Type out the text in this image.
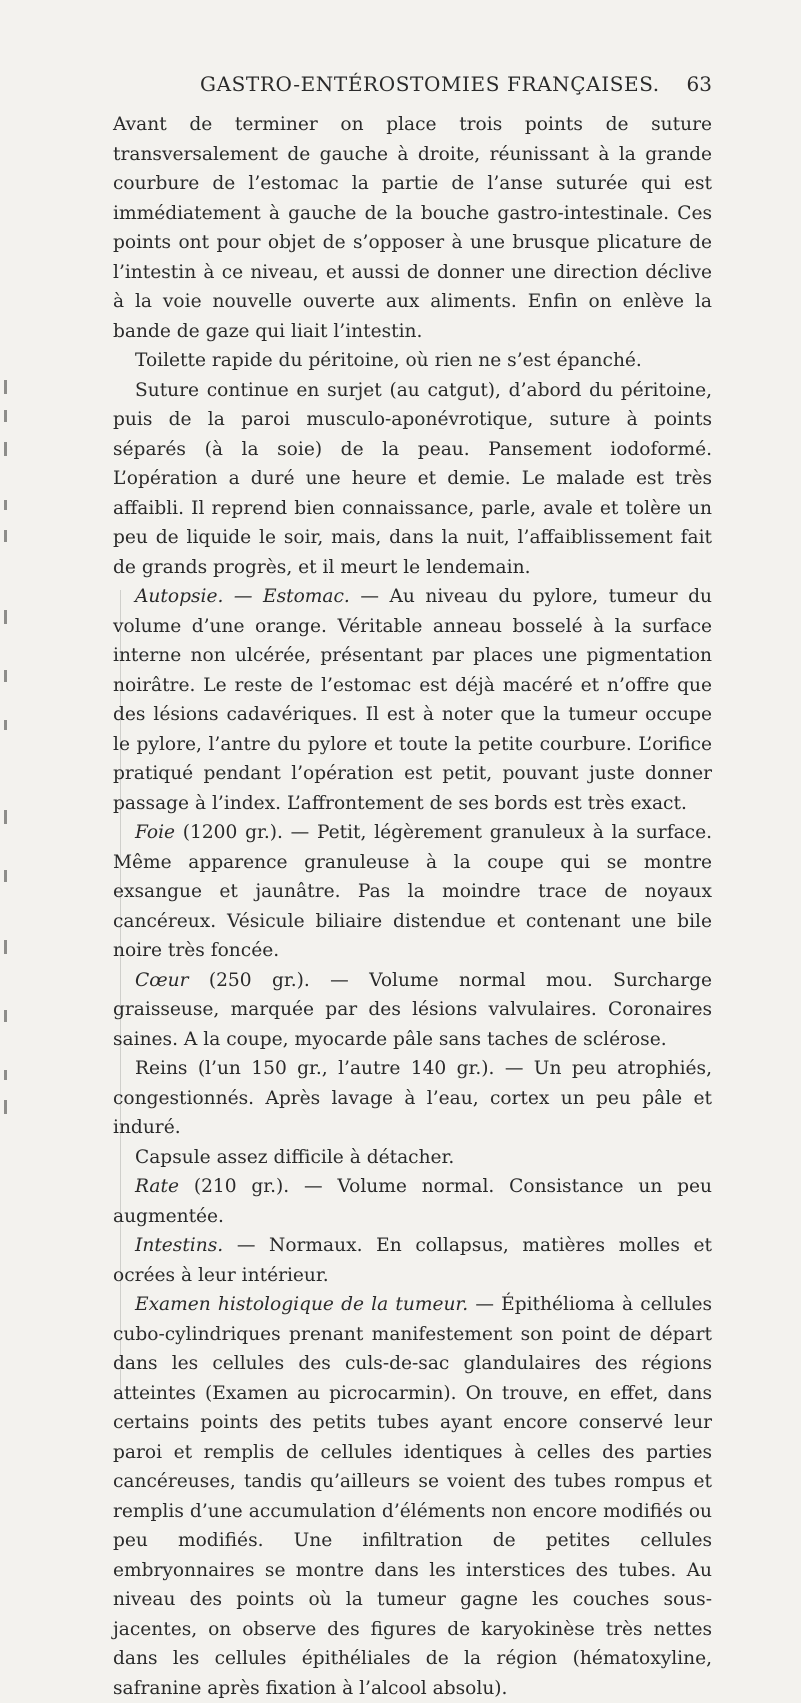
GASTRO-ENTÉROSTOMIES FRANÇAISES. 63

Avant de terminer on place trois points de suture transversalement de gauche à droite, réunissant à la grande courbure de l’estomac la partie de l’anse suturée qui est immédiatement à gauche de la bouche gastro-intestinale. Ces points ont pour objet de s’opposer à une brusque plicature de l’intestin à ce niveau, et aussi de donner une direction déclive à la voie nouvelle ouverte aux aliments. Enfin on enlève la bande de gaze qui liait l’intestin.

Toilette rapide du péritoine, où rien ne s’est épanché.

Suture continue en surjet (au catgut), d’abord du péritoine, puis de la paroi musculo-aponévrotique, suture à points séparés (à la soie) de la peau. Pansement iodoformé. L’opération a duré une heure et demie. Le malade est très affaibli. Il reprend bien connaissance, parle, avale et tolère un peu de liquide le soir, mais, dans la nuit, l’affaiblissement fait de grands progrès, et il meurt le lendemain.

Autopsie. — Estomac. — Au niveau du pylore, tumeur du volume d’une orange. Véritable anneau bosselé à la surface interne non ulcérée, présentant par places une pigmentation noirâtre. Le reste de l’estomac est déjà macéré et n’offre que des lésions cadavériques. Il est à noter que la tumeur occupe le pylore, l’antre du pylore et toute la petite courbure. L’orifice pratiqué pendant l’opération est petit, pouvant juste donner passage à l’index. L’affrontement de ses bords est très exact.

Foie (1200 gr.). — Petit, légèrement granuleux à la surface. Même apparence granuleuse à la coupe qui se montre exsangue et jaunâtre. Pas la moindre trace de noyaux cancéreux. Vésicule biliaire distendue et contenant une bile noire très foncée.

Cœur (250 gr.). — Volume normal mou. Surcharge graisseuse, marquée par des lésions valvulaires. Coronaires saines. A la coupe, myocarde pâle sans taches de sclérose.

Reins (l’un 150 gr., l’autre 140 gr.). — Un peu atrophiés, congestionnés. Après lavage à l’eau, cortex un peu pâle et induré.

Capsule assez difficile à détacher.

Rate (210 gr.). — Volume normal. Consistance un peu augmentée.

Intestins. — Normaux. En collapsus, matières molles et ocrées à leur intérieur.

Examen histologique de la tumeur. — Épithélioma à cellules cubo-cylindriques prenant manifestement son point de départ dans les cellules des culs-de-sac glandulaires des régions atteintes (Examen au picrocarmin). On trouve, en effet, dans certains points des petits tubes ayant encore conservé leur paroi et remplis de cellules identiques à celles des parties cancéreuses, tandis qu’ailleurs se voient des tubes rompus et remplis d’une accumulation d’éléments non encore modifiés ou peu modifiés. Une infiltration de petites cellules embryonnaires se montre dans les interstices des tubes. Au niveau des points où la tumeur gagne les couches sous-jacentes, on observe des figures de karyokinèse très nettes dans les cellules épithéliales de la région (hématoxyline, safranine après fixation à l’alcool absolu).
